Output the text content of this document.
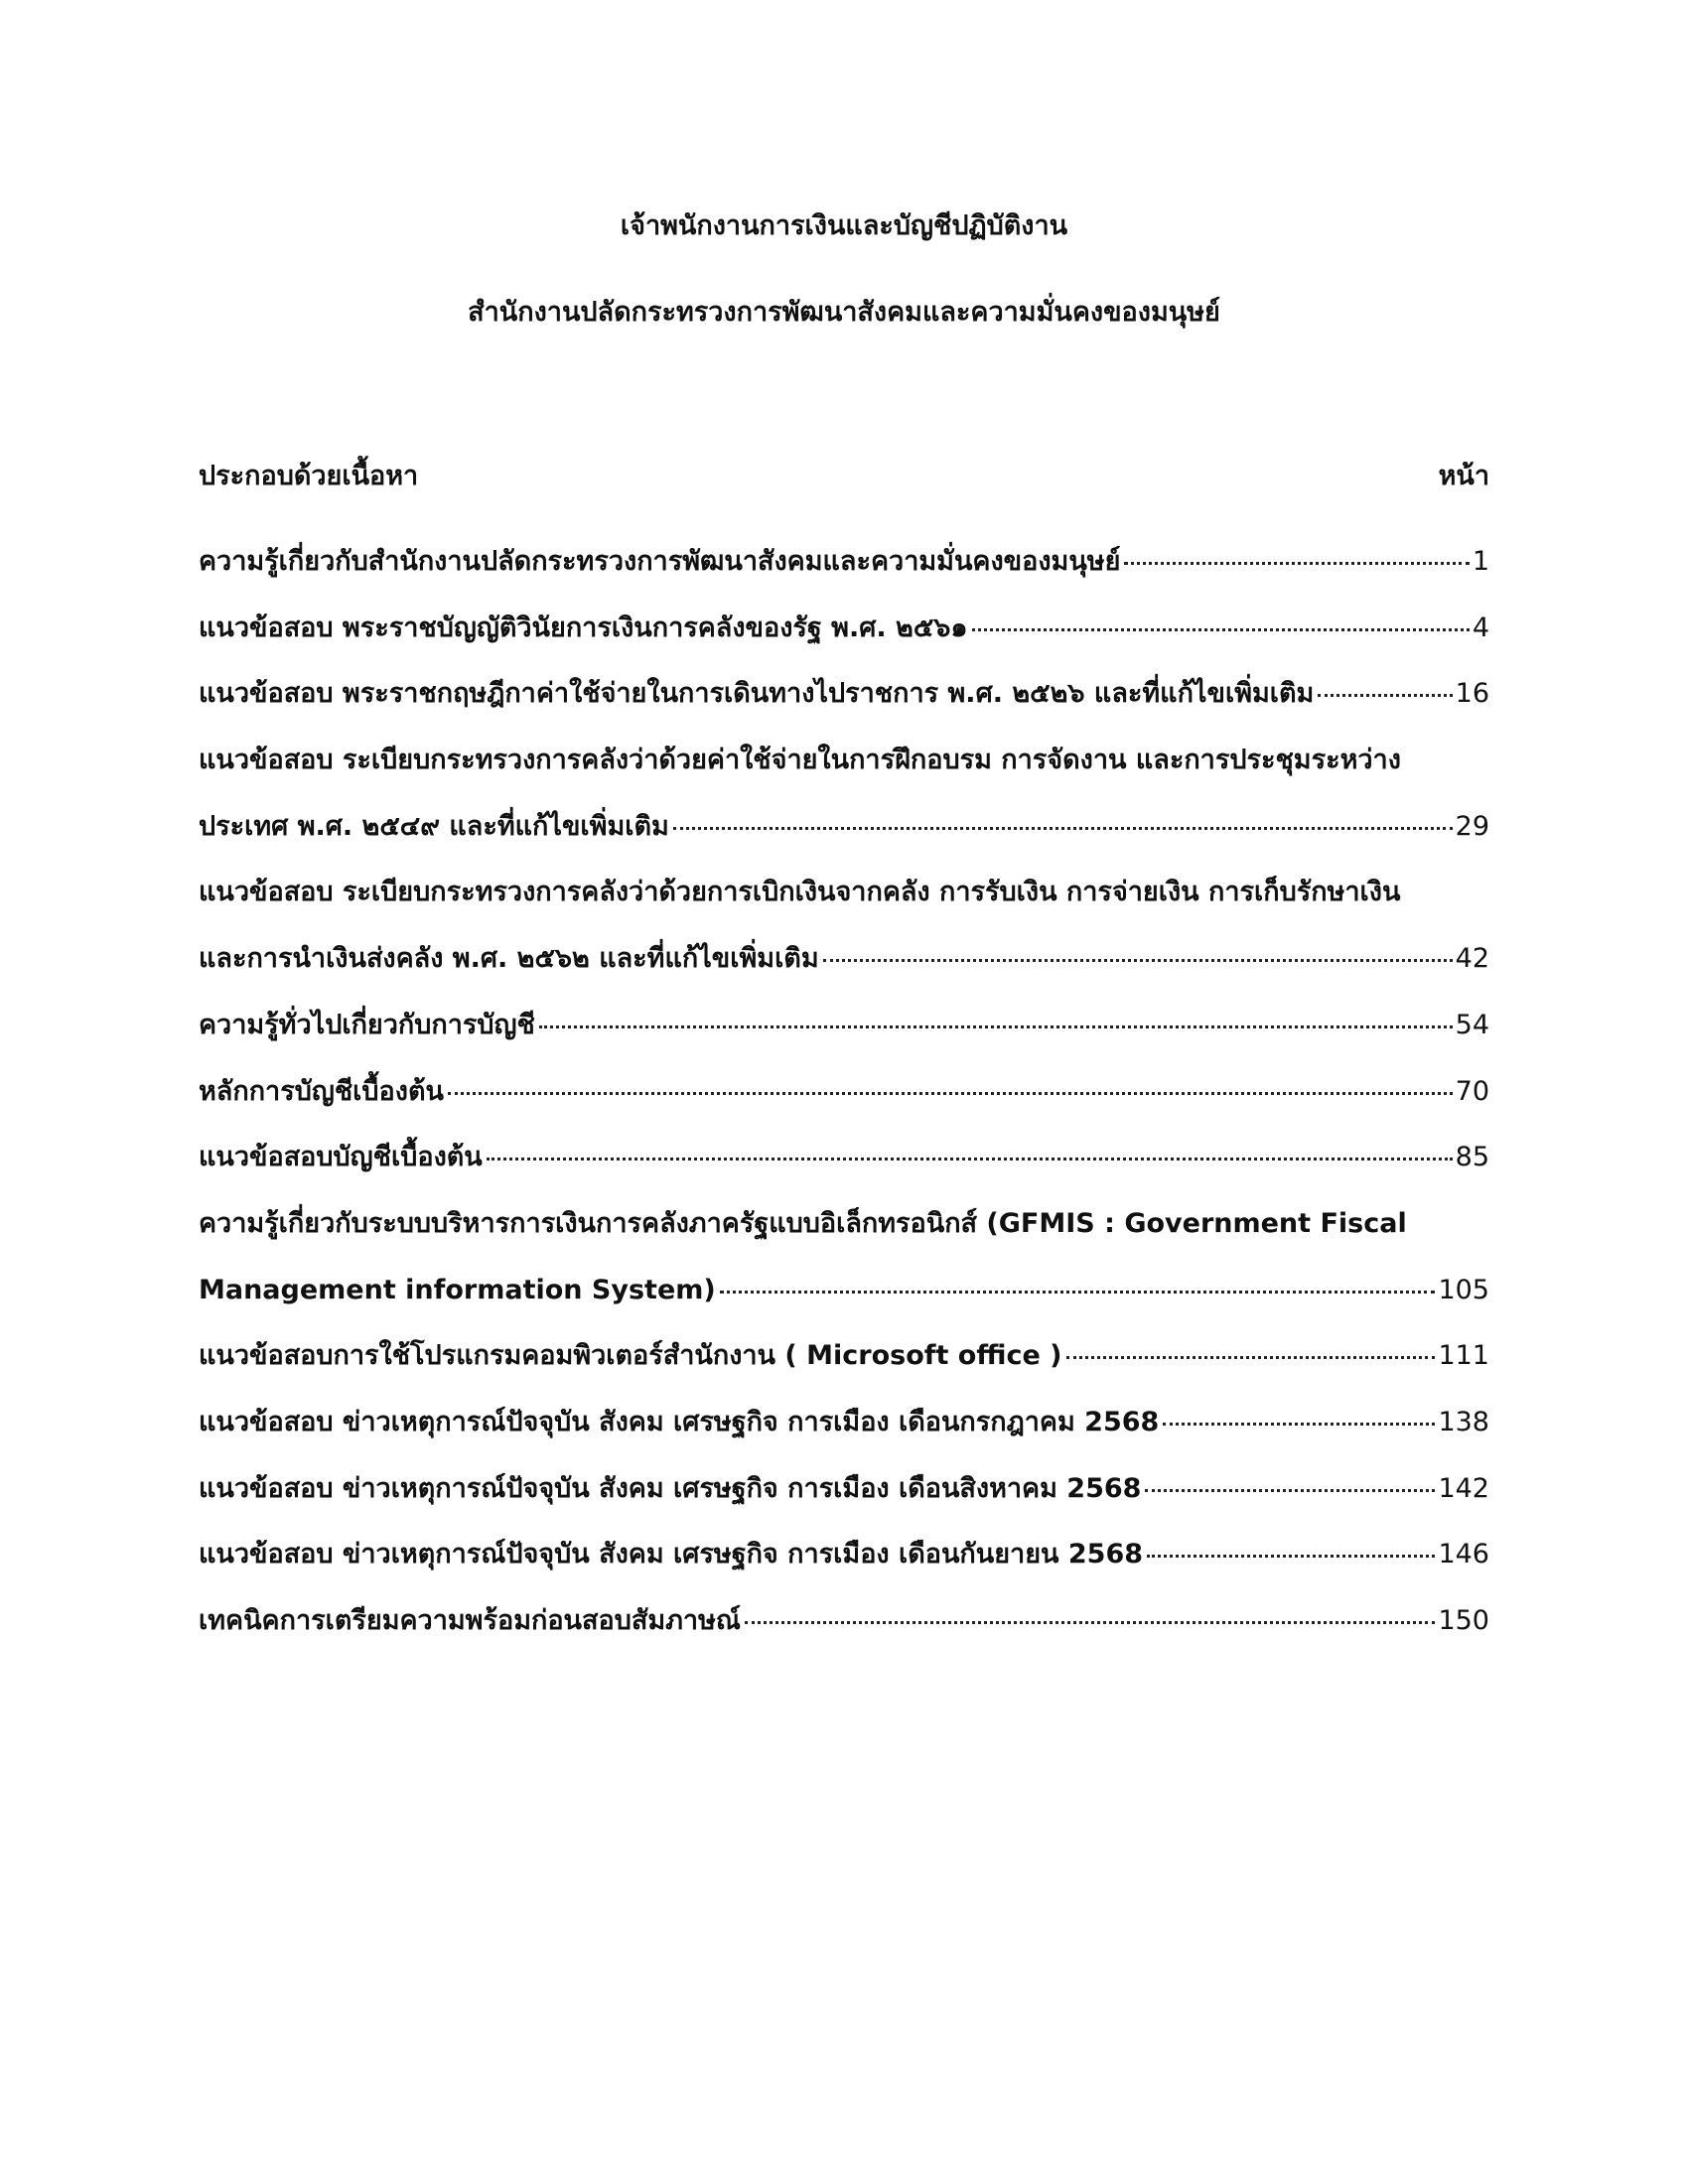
เจ้าพนักงานการเงินและบัญชีปฏิบัติงาน
สำนักงานปลัดกระทรวงการพัฒนาสังคมและความมั่นคงของมนุษย์
ประกอบด้วยเนื้อหา	หน้า
ความรู้เกี่ยวกับสำนักงานปลัดกระทรวงการพัฒนาสังคมและความมั่นคงของมนุษย์	1
แนวข้อสอบ พระราชบัญญัติวินัยการเงินการคลังของรัฐ พ.ศ. ๒๕๖๑	4
แนวข้อสอบ พระราชกฤษฎีกาค่าใช้จ่ายในการเดินทางไปราชการ พ.ศ. ๒๕๒๖ และที่แก้ไขเพิ่มเติม	16
แนวข้อสอบ ระเบียบกระทรวงการคลังว่าด้วยค่าใช้จ่ายในการฝึกอบรม การจัดงาน และการประชุมระหว่าง
ประเทศ พ.ศ. ๒๕๔๙ และที่แก้ไขเพิ่มเติม	29
แนวข้อสอบ ระเบียบกระทรวงการคลังว่าด้วยการเบิกเงินจากคลัง การรับเงิน การจ่ายเงิน การเก็บรักษาเงิน
และการนำเงินส่งคลัง พ.ศ. ๒๕๖๒ และที่แก้ไขเพิ่มเติม	42
ความรู้ทั่วไปเกี่ยวกับการบัญชี	54
หลักการบัญชีเบื้องต้น	70
แนวข้อสอบบัญชีเบื้องต้น	85
ความรู้เกี่ยวกับระบบบริหารการเงินการคลังภาครัฐแบบอิเล็กทรอนิกส์ (GFMIS : Government Fiscal
Management information System)	105
แนวข้อสอบการใช้โปรแกรมคอมพิวเตอร์สำนักงาน ( Microsoft office )	111
แนวข้อสอบ ข่าวเหตุการณ์ปัจจุบัน สังคม เศรษฐกิจ การเมือง เดือนกรกฎาคม 2568	138
แนวข้อสอบ ข่าวเหตุการณ์ปัจจุบัน สังคม เศรษฐกิจ การเมือง เดือนสิงหาคม 2568	142
แนวข้อสอบ ข่าวเหตุการณ์ปัจจุบัน สังคม เศรษฐกิจ การเมือง เดือนกันยายน 2568	146
เทคนิคการเตรียมความพร้อมก่อนสอบสัมภาษณ์	150
